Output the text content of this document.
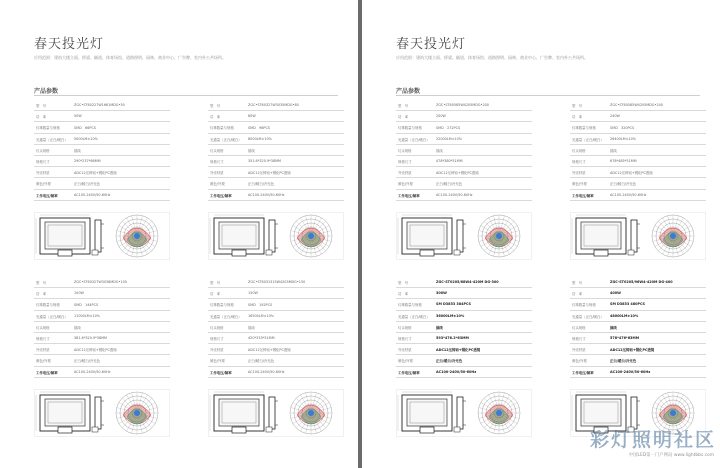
春天投光灯
应用范围：建筑大楼立面、桥梁、隧道、体育场馆、道路照明、园林、商业中心、广告牌、室内外公共场所。
产品参数
型　号	ZGC•ST60227W1661MDG•50
功　率	50W
灯珠数量与规格	SMD　66PCS
光通量（正白/暖白）	5000LM±10%
灯头规格	插线
规格尺寸	290*237*66MM
外壳材质	ADC12压铸铝+钢化PC透镜
颜色/外观	正白/暖白/冷光色
工作电压/频率	AC100-240V/50-60Hz
型　号	ZGC•ST60327W3035MDG•80
功　率	80W
灯珠数量与规格	SMD　96PCS
光通量（正白/暖白）	8000LM±10%
灯头规格	插线
规格尺寸	351.6*320.9*38MM
外壳材质	ADC12压铸铝+钢化PC透镜
颜色/外观	正白/暖白/冷光色
工作电压/频率	AC100-240V/50-60Hz
型　号	ZGC•ST60327W3036MDG•100
功　率	100W
灯珠数量与规格	SMD　144PCS
光通量（正白/暖白）	11000LM±10%
灯头规格	插线
规格尺寸	381.6*320.9*38MM
外壳材质	ADC12压铸铝+钢化PC透镜
颜色/外观	正白/暖白/冷光色
工作电压/频率	AC100-240V/50-60Hz
型　号	ZGC•ST6031315W4205MDG•150
功　率	150W
灯珠数量与规格	SMD　192PCS
光通量（正白/暖白）	16500LM±10%
灯头规格	插线
规格尺寸	420*333*51MM
外壳材质	ADC12压铸铝+钢化PC透镜
颜色/外观	正白/暖白/冷光色
工作电压/频率	AC100-240V/50-60Hz
春天投光灯
应用范围：建筑大楼立面、桥梁、隧道、体育场馆、道路照明、园林、商业中心、广告牌、室内外公共场所。
产品参数
型　号	ZGC•ST60585W4205MDG•200
功　率	200W
灯珠数量与规格	SMD　272PCS
光通量（正白/暖白）	22000LM±10%
灯头规格	插线
规格尺寸	478*380*51MM
外壳材质	ADC12压铸铝+钢化PC透镜
颜色/外观	正白/暖白/冷光色
工作电压/频率	AC100-240V/50-60Hz
型　号	ZGC•ST60585W4205MDG•240
功　率	240W
灯珠数量与规格	SMD　320PCS
光通量（正白/暖白）	26400LM±10%
灯头规格	插线
规格尺寸	678*485*51MM
外壳材质	ADC12压铸铝+钢化PC透镜
颜色/外观	正白/暖白/冷光色
工作电压/频率	AC100-240V/50-60Hz
型　号	ZGC-ST0205/68W4-420M DG-300
功　率	300W
灯珠数量与规格	SM D3853 384PCS
光通量（正白/暖白）	36000LM±10%
灯头规格	插线
规格尺寸	593*476.2*63MM
外壳材质	ADC12压铸铝+钢化PC透镜
颜色/外观	正白/暖白/冷光色
工作电压/频率	AC100-240V/50-60Hz
型　号	ZGC-ST0205/96W4-420M DG-400
功　率	400W
灯珠数量与规格	SM D3853 480PCS
光通量（正白/暖白）	48000LM±10%
灯头规格	插线
规格尺寸	578*476*63MM
外壳材质	ADC12压铸铝+钢化PC透镜
颜色/外观	正白/暖白/冷光色
工作电压/频率	AC100-240V/50-60Hz
彩灯照明社区
中国LED第一门户网站 www.lightbbs.com
